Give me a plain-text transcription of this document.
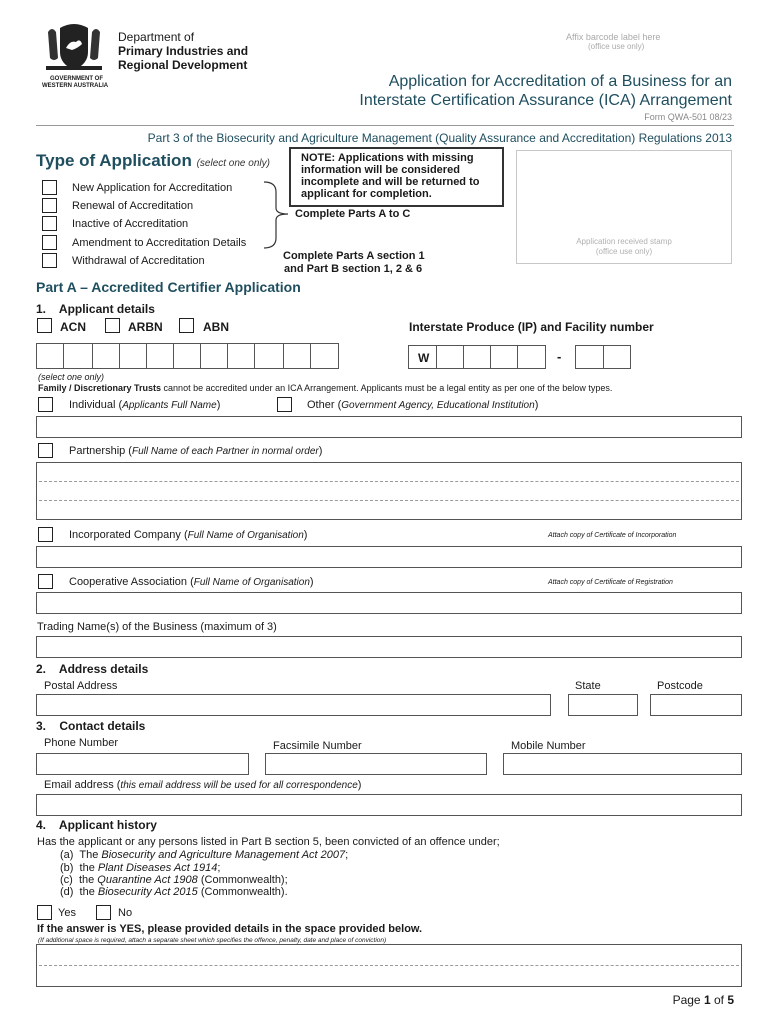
GOVERNMENT OF
WESTERN AUSTRALIA
Department of
Primary Industries and
Regional Development
Affix barcode label here
(office use only)
Application for Accreditation of a Business for an
Interstate Certification Assurance (ICA) Arrangement
Form QWA-501 08/23
Part 3 of the Biosecurity and Agriculture Management (Quality Assurance and Accreditation) Regulations 2013
Type of Application (select one only)
New Application for Accreditation
Renewal of Accreditation
Inactive of Accreditation
Amendment to Accreditation Details
Withdrawal of Accreditation
Complete Parts A to C
Complete Parts A section 1
and Part B section 1, 2 & 6
NOTE: Applications with missing
information will be considered
incomplete and will be returned to
applicant for completion.
Application received stamp
(office use only)
Part A – Accredited Certifier Application
1.    Applicant details
ACN	ARBN	ABN	Interstate Produce (IP) and Facility number
W	-
(select one only)
Family / Discretionary Trusts cannot be accredited under an ICA Arrangement. Applicants must be a legal entity as per one of the below types.
Individual (Applicants Full Name)	Other (Government Agency, Educational Institution)
Partnership (Full Name of each Partner in normal order)
Incorporated Company (Full Name of Organisation)	Attach copy of Certificate of Incorporation
Cooperative Association (Full Name of Organisation)	Attach copy of Certificate of Registration
Trading Name(s) of the Business (maximum of 3)
2.    Address details
Postal Address	State	Postcode
3.    Contact details
Phone Number	Facsimile Number	Mobile Number
Email address (this email address will be used for all correspondence)
4.    Applicant history
Has the applicant or any persons listed in Part B section 5, been convicted of an offence under;
(a)  The Biosecurity and Agriculture Management Act 2007;
(b)  the Plant Diseases Act 1914;
(c)  the Quarantine Act 1908 (Commonwealth);
(d)  the Biosecurity Act 2015 (Commonwealth).
Yes	No
If the answer is YES, please provided details in the space provided below.
(If additional space is required, attach a separate sheet which specifies the offence, penalty, date and place of conviction)
Page 1 of 5
